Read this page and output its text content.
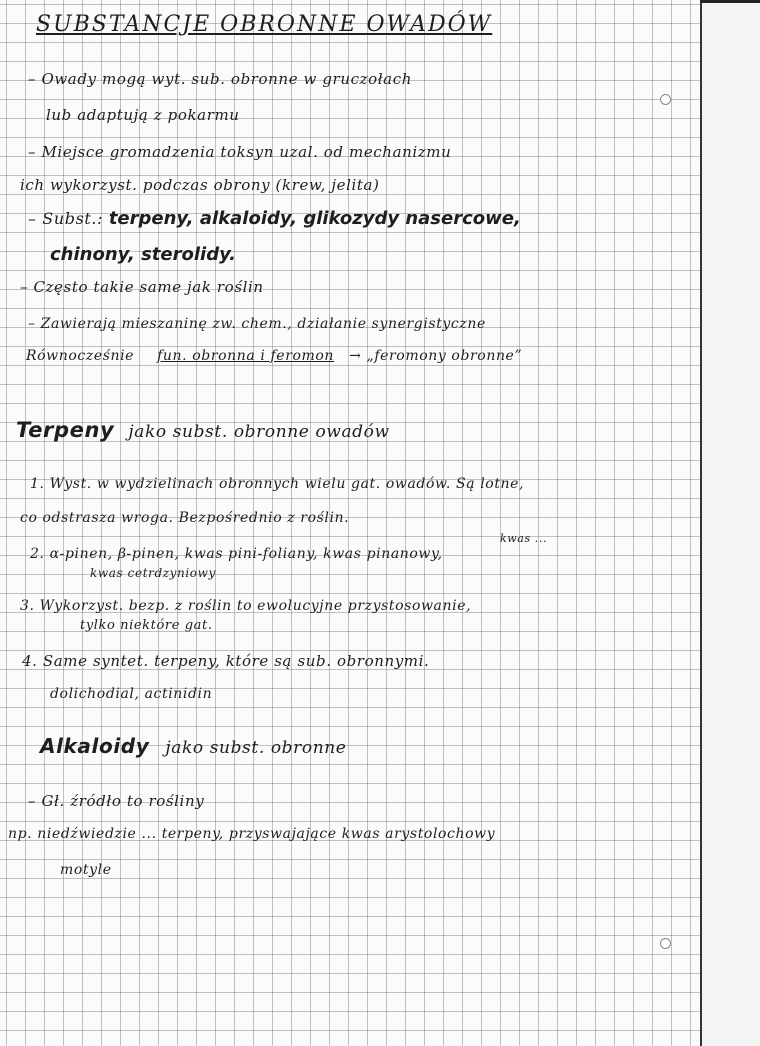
SUBSTANCJE OBRONNE OWADÓW
– Owady mogą wyt. sub. obronne w gruczołach
lub adaptują z pokarmu
– Miejsce gromadzenia toksyn uzal. od mechanizmu
ich wykorzyst. podczas obrony (krew, jelita)
– Subst.: terpeny, alkaloidy, glikozydy nasercowe,
chinony, sterolidy.
– Często takie same jak roślin
– Zawierają mieszaninę zw. chem., działanie synergistyczne
Równocześnie fun. obronna i feromon → „feromony obronne”
Terpeny jako subst. obronne owadów
1. Wyst. w wydzielinach obronnych wielu gat. owadów. Są lotne,
co odstrasza wroga. Bezpośrednio z roślin.
kwas ...
2. α-pinen, β-pinen, kwas pini-foliany, kwas pinanowy,
kwas cetrdzyniowy
3. Wykorzyst. bezp. z roślin to ewolucyjne przystosowanie,
tylko niektóre gat.
4. Same syntet. terpeny, które są sub. obronnymi.
dolichodial, actinidin
Alkaloidy jako subst. obronne
– Gł. źródło to rośliny
np. niedźwiedzie ... terpeny, przyswajające kwas arystolochowy
motyle
